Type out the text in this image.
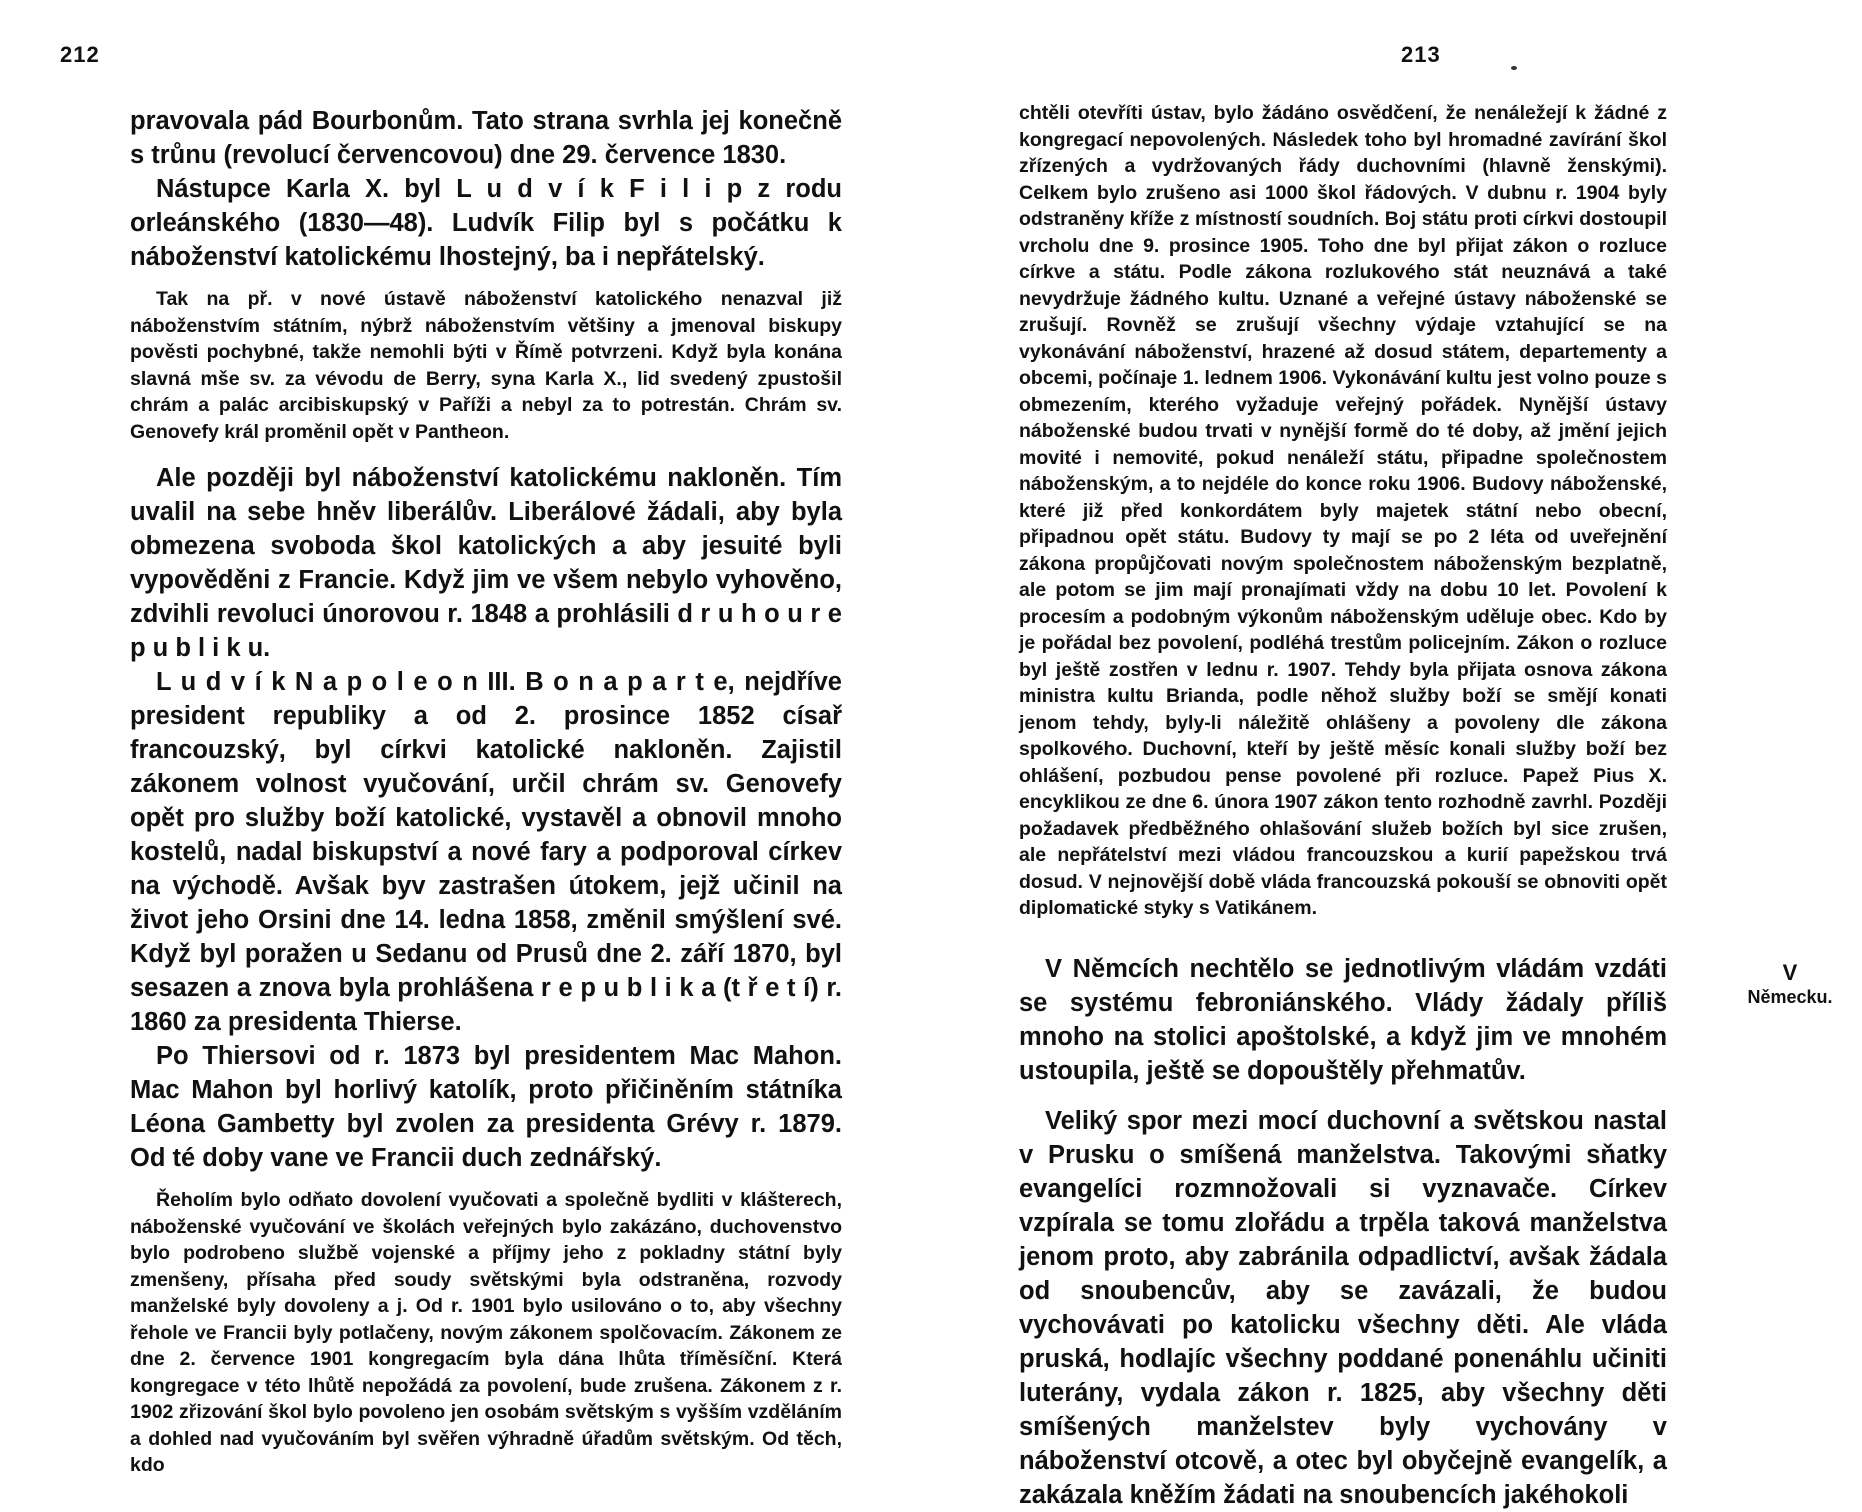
212

pravovala pád Bourbonům. Tato strana svrhla jej konečně s trůnu (revolucí červencovou) dne 29. července 1830.

Nástupce Karla X. byl L u d v í k F i l i p z rodu orleánského (1830—48). Ludvík Filip byl s počátku k náboženství katolickému lhostejný, ba i nepřátelský.

Tak na př. v nové ústavě náboženství katolického nenazval již náboženstvím státním, nýbrž náboženstvím většiny a jmenoval biskupy pověsti pochybné, takže nemohli býti v Římě potvrzeni. Když byla konána slavná mše sv. za vévodu de Berry, syna Karla X., lid svedený zpustošil chrám a palác arcibiskupský v Paříži a nebyl za to potrestán. Chrám sv. Genovefy král proměnil opět v Pantheon.

Ale později byl náboženství katolickému nakloněn. Tím uvalil na sebe hněv liberálův. Liberálové žádali, aby byla obmezena svoboda škol katolických a aby jesuité byli vypověděni z Francie. Když jim ve všem nebylo vyhověno, zdvihli revoluci únorovou r. 1848 a prohlásili d r u h o u r e p u b l i k u.

L u d v í k N a p o l e o n III. B o n a p a r t e, nejdříve president republiky a od 2. prosince 1852 císař francouzský, byl církvi katolické nakloněn. Zajistil zákonem volnost vyučování, určil chrám sv. Genovefy opět pro služby boží katolické, vystavěl a obnovil mnoho kostelů, nadal biskupství a nové fary a podporoval církev na východě. Avšak byv zastrašen útokem, jejž učinil na život jeho Orsini dne 14. ledna 1858, změnil smýšlení své. Když byl poražen u Sedanu od Prusů dne 2. září 1870, byl sesazen a znova byla prohlášena r e p u b l i k a (t ř e t í) r. 1860 za presidenta Thierse.

Po Thiersovi od r. 1873 byl presidentem Mac Mahon. Mac Mahon byl horlivý katolík, proto přičiněním státníka Léona Gambetty byl zvolen za presidenta Grévy r. 1879. Od té doby vane ve Francii duch zednářský.

Řeholím bylo odňato dovolení vyučovati a společně bydliti v klášterech, náboženské vyučování ve školách veřejných bylo zakázáno, duchovenstvo bylo podrobeno službě vojenské a příjmy jeho z pokladny státní byly zmenšeny, přísaha před soudy světskými byla odstraněna, rozvody manželské byly dovoleny a j. Od r. 1901 bylo usilováno o to, aby všechny řehole ve Francii byly potlačeny, novým zákonem spolčovacím. Zákonem ze dne 2. července 1901 kongregacím byla dána lhůta tříměsíční. Která kongregace v této lhůtě nepožádá za povolení, bude zrušena. Zákonem z r. 1902 zřizování škol bylo povoleno jen osobám světským s vyšším vzděláním a dohled nad vyučováním byl svěřen výhradně úřadům světským. Od těch, kdo

213

chtěli otevříti ústav, bylo žádáno osvědčení, že nenáležejí k žádné z kongregací nepovolených. Následek toho byl hromadné zavírání škol zřízených a vydržovaných řády duchovními (hlavně ženskými). Celkem bylo zrušeno asi 1000 škol řádových. V dubnu r. 1904 byly odstraněny kříže z místností soudních. Boj státu proti církvi dostoupil vrcholu dne 9. prosince 1905. Toho dne byl přijat zákon o rozluce církve a státu. Podle zákona rozlukového stát neuznává a také nevydržuje žádného kultu. Uznané a veřejné ústavy náboženské se zrušují. Rovněž se zrušují všechny výdaje vztahující se na vykonávání náboženství, hrazené až dosud státem, departementy a obcemi, počínaje 1. lednem 1906. Vykonávání kultu jest volno pouze s obmezením, kterého vyžaduje veřejný pořádek. Nynější ústavy náboženské budou trvati v nynější formě do té doby, až jmění jejich movité i nemovité, pokud nenáleží státu, připadne společnostem náboženským, a to nejdéle do konce roku 1906. Budovy náboženské, které již před konkordátem byly majetek státní nebo obecní, připadnou opět státu. Budovy ty mají se po 2 léta od uveřejnění zákona propůjčovati novým společnostem náboženským bezplatně, ale potom se jim mají pronajímati vždy na dobu 10 let. Povolení k procesím a podobným výkonům náboženským uděluje obec. Kdo by je pořádal bez povolení, podléhá trestům policejním. Zákon o rozluce byl ještě zostřen v lednu r. 1907. Tehdy byla přijata osnova zákona ministra kultu Brianda, podle něhož služby boží se smějí konati jenom tehdy, byly-li náležitě ohlášeny a povoleny dle zákona spolkového. Duchovní, kteří by ještě měsíc konali služby boží bez ohlášení, pozbudou pense povolené při rozluce. Papež Pius X. encyklikou ze dne 6. února 1907 zákon tento rozhodně zavrhl. Později požadavek předběžného ohlašování služeb božích byl sice zrušen, ale nepřátelství mezi vládou francouzskou a kurií papežskou trvá dosud. V nejnovější době vláda francouzská pokouší se obnoviti opět diplomatické styky s Vatikánem.

V Němcích nechtělo se jednotlivým vládám vzdáti se systému febroniánského. Vlády žádaly příliš mnoho na stolici apoštolské, a když jim ve mnohém ustoupila, ještě se dopouštěly přehmatův.

Veliký spor mezi mocí duchovní a světskou nastal v Prusku o smíšená manželstva. Takovými sňatky evangelíci rozmnožovali si vyznavače. Církev vzpírala se tomu zlořádu a trpěla taková manželstva jenom proto, aby zabránila odpadlictví, avšak žádala od snoubencův, aby se zavázali, že budou vychovávati po katolicku všechny děti. Ale vláda pruská, hodlajíc všechny poddané ponenáhlu učiniti luterány, vydala zákon r. 1825, aby všechny děti smíšených manželstev byly vychovány v náboženství otcově, a otec byl obyčejně evangelík, a zakázala kněžím žádati na snoubencích jakéhokoli

V
Německu.
